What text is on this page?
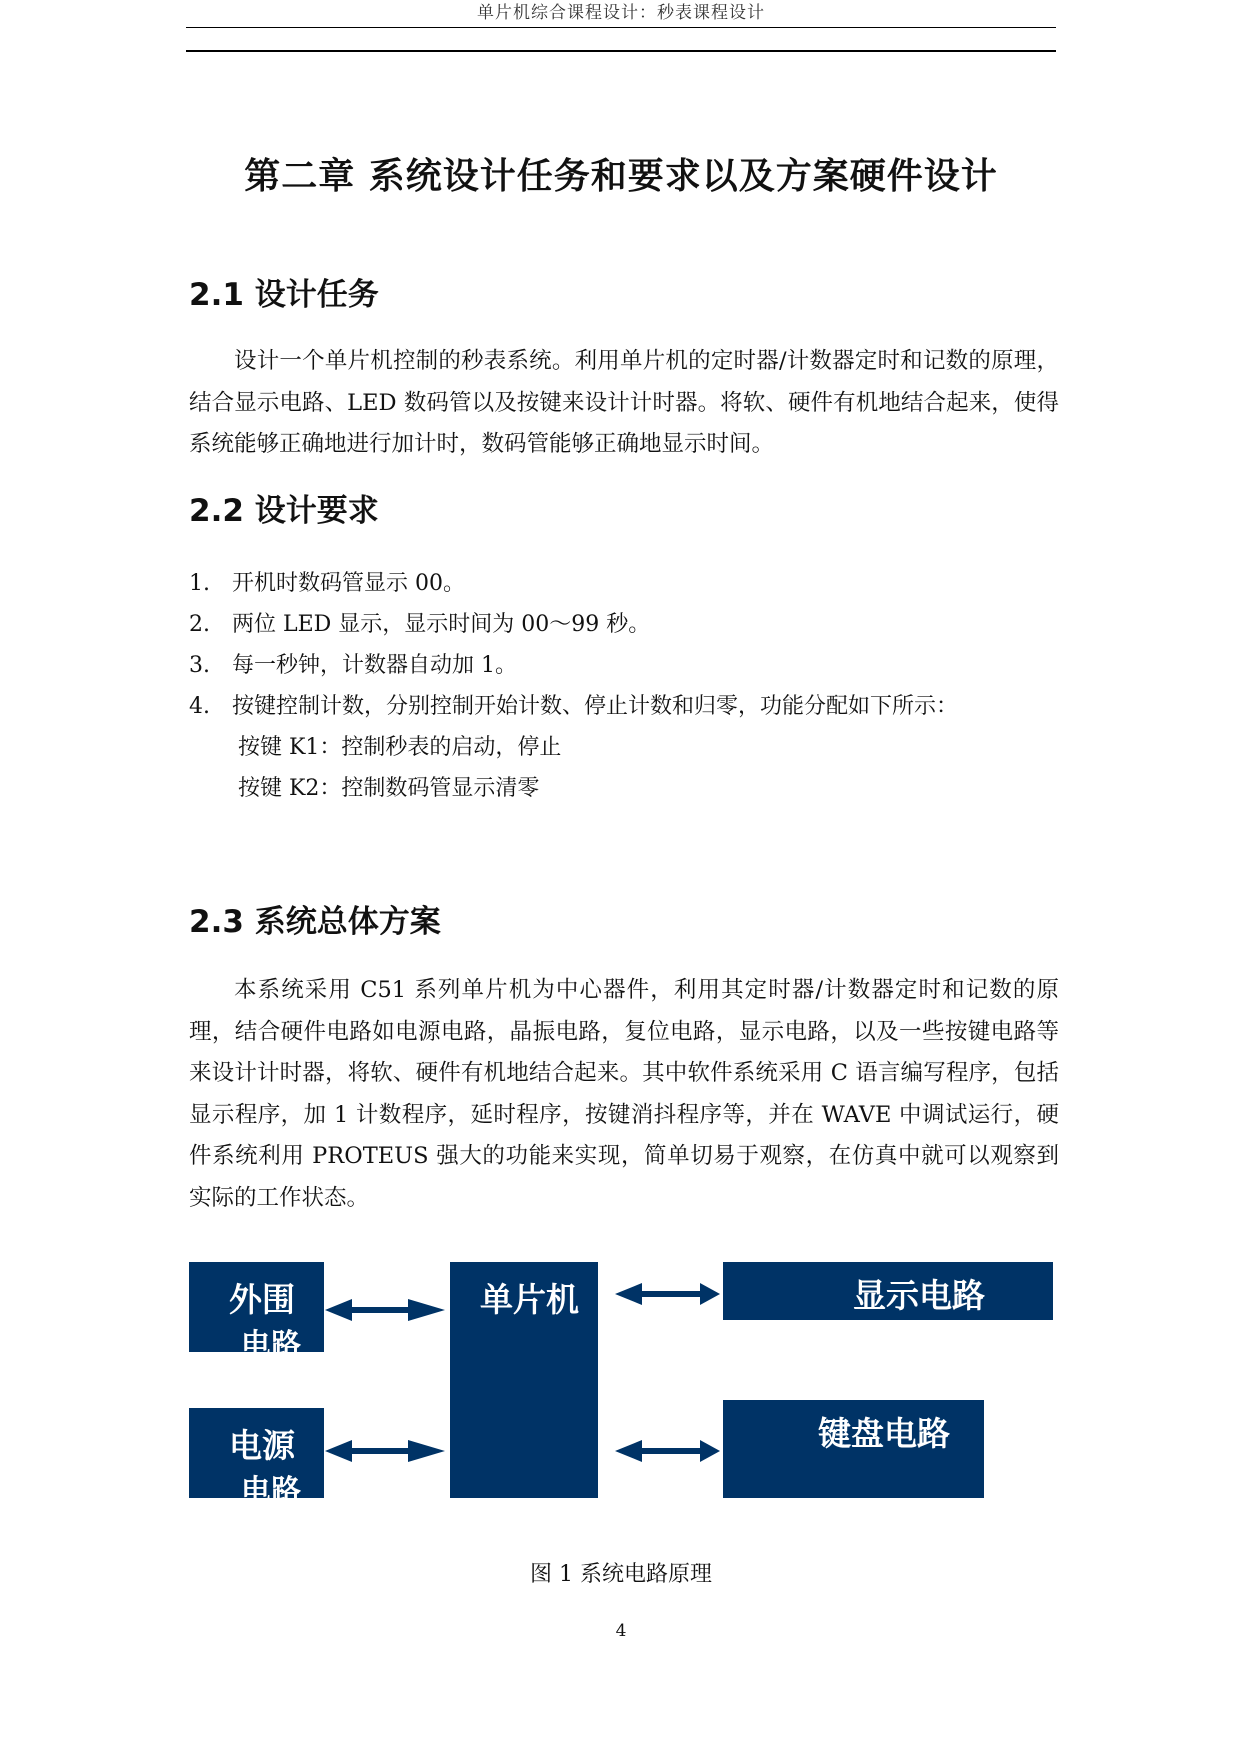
单片机综合课程设计：秒表课程设计
第二章 系统设计任务和要求以及方案硬件设计
2.1 设计任务

设计一个单片机控制的秒表系统。利用单片机的定时器/计数器定时和记数的原理，结合显示电路、LED 数码管以及按键来设计计时器。将软、硬件有机地结合起来，使得系统能够正确地进行加计时，数码管能够正确地显示时间。

2.2 设计要求
1. 开机时数码管显示 00。
2. 两位 LED 显示，显示时间为 00～99 秒。
3. 每一秒钟，计数器自动加 1。
4. 按键控制计数，分别控制开始计数、停止计数和归零，功能分配如下所示：
按键 K1：控制秒表的启动，停止
按键 K2：控制数码管显示清零
2.3 系统总体方案

本系统采用 C51 系列单片机为中心器件，利用其定时器/计数器定时和记数的原理，结合硬件电路如电源电路，晶振电路，复位电路，显示电路，以及一些按键电路等来设计计时器，将软、硬件有机地结合起来。其中软件系统采用 C 语言编写程序，包括显示程序，加 1 计数程序，延时程序，按键消抖程序等，并在 WAVE 中调试运行，硬件系统利用 PROTEUS 强大的功能来实现，简单切易于观察，在仿真中就可以观察到实际的工作状态。

外围
电路
单片机	显示电路
电源
电路
键盘电路
图 1 系统电路原理
4
